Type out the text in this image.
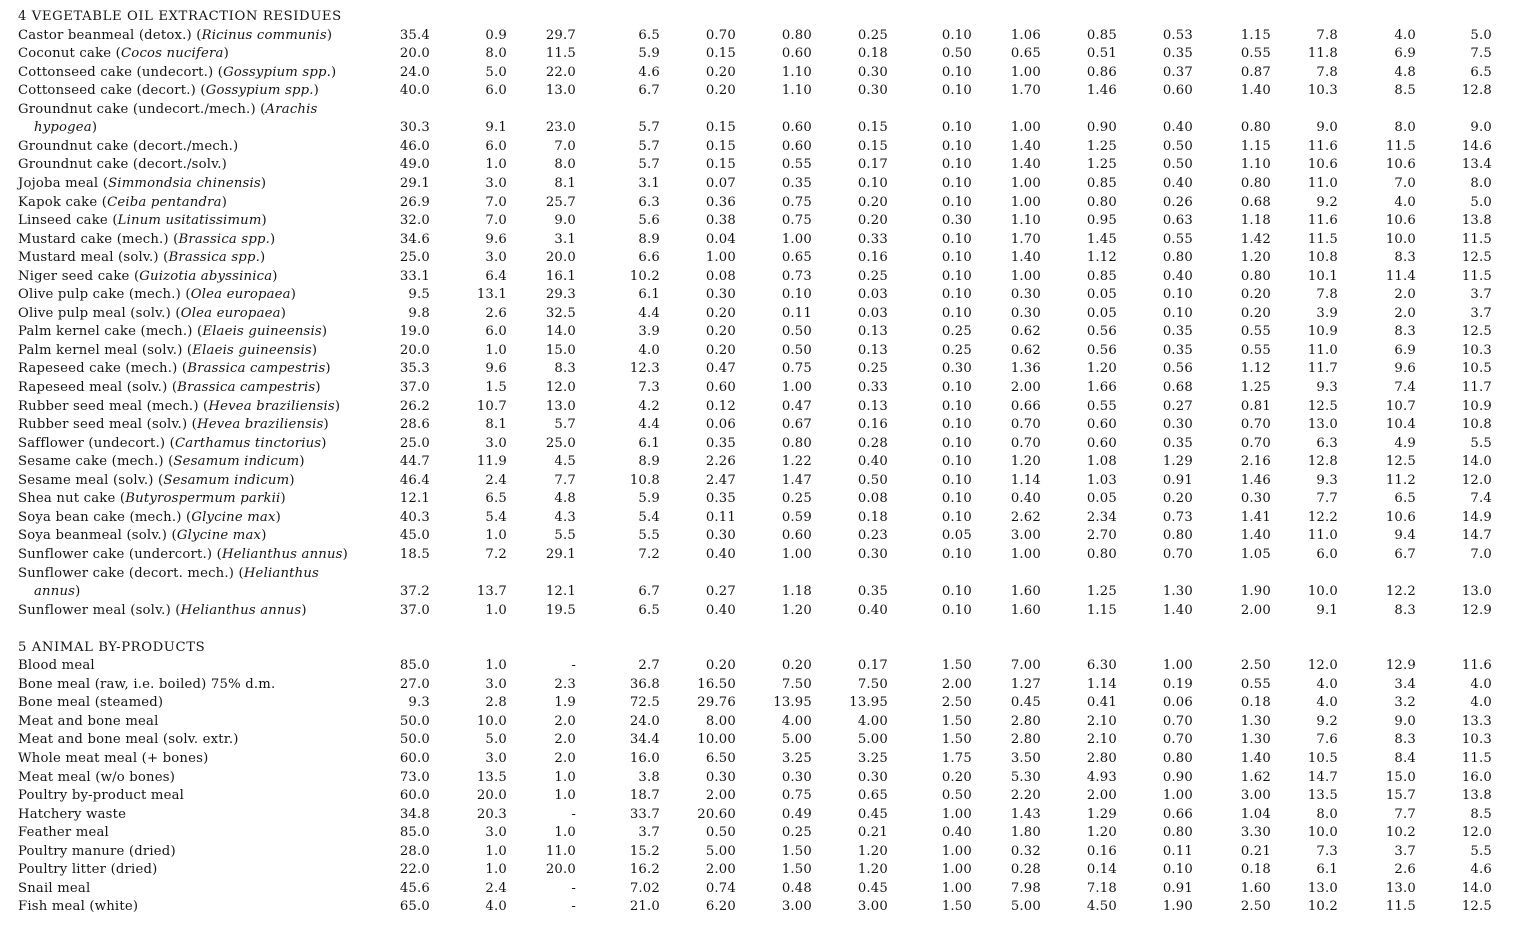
4 VEGETABLE OIL EXTRACTION RESIDUES
Castor beanmeal (detox.) (Ricinus communis)	35.4	0.9	29.7	6.5	0.70	0.80	0.25	0.10	1.06	0.85	0.53	1.15	7.8	4.0	5.0
Coconut cake (Cocos nucifera)	20.0	8.0	11.5	5.9	0.15	0.60	0.18	0.50	0.65	0.51	0.35	0.55	11.8	6.9	7.5
Cottonseed cake (undecort.) (Gossypium spp.)	24.0	5.0	22.0	4.6	0.20	1.10	0.30	0.10	1.00	0.86	0.37	0.87	7.8	4.8	6.5
Cottonseed cake (decort.) (Gossypium spp.)	40.0	6.0	13.0	6.7	0.20	1.10	0.30	0.10	1.70	1.46	0.60	1.40	10.3	8.5	12.8
Groundnut cake (undecort./mech.) (Arachis
hypogea)	30.3	9.1	23.0	5.7	0.15	0.60	0.15	0.10	1.00	0.90	0.40	0.80	9.0	8.0	9.0
Groundnut cake (decort./mech.)	46.0	6.0	7.0	5.7	0.15	0.60	0.15	0.10	1.40	1.25	0.50	1.15	11.6	11.5	14.6
Groundnut cake (decort./solv.)	49.0	1.0	8.0	5.7	0.15	0.55	0.17	0.10	1.40	1.25	0.50	1.10	10.6	10.6	13.4
Jojoba meal (Simmondsia chinensis)	29.1	3.0	8.1	3.1	0.07	0.35	0.10	0.10	1.00	0.85	0.40	0.80	11.0	7.0	8.0
Kapok cake (Ceiba pentandra)	26.9	7.0	25.7	6.3	0.36	0.75	0.20	0.10	1.00	0.80	0.26	0.68	9.2	4.0	5.0
Linseed cake (Linum usitatissimum)	32.0	7.0	9.0	5.6	0.38	0.75	0.20	0.30	1.10	0.95	0.63	1.18	11.6	10.6	13.8
Mustard cake (mech.) (Brassica spp.)	34.6	9.6	3.1	8.9	0.04	1.00	0.33	0.10	1.70	1.45	0.55	1.42	11.5	10.0	11.5
Mustard meal (solv.) (Brassica spp.)	25.0	3.0	20.0	6.6	1.00	0.65	0.16	0.10	1.40	1.12	0.80	1.20	10.8	8.3	12.5
Niger seed cake (Guizotia abyssinica)	33.1	6.4	16.1	10.2	0.08	0.73	0.25	0.10	1.00	0.85	0.40	0.80	10.1	11.4	11.5
Olive pulp cake (mech.) (Olea europaea)	9.5	13.1	29.3	6.1	0.30	0.10	0.03	0.10	0.30	0.05	0.10	0.20	7.8	2.0	3.7
Olive pulp meal (solv.) (Olea europaea)	9.8	2.6	32.5	4.4	0.20	0.11	0.03	0.10	0.30	0.05	0.10	0.20	3.9	2.0	3.7
Palm kernel cake (mech.) (Elaeis guineensis)	19.0	6.0	14.0	3.9	0.20	0.50	0.13	0.25	0.62	0.56	0.35	0.55	10.9	8.3	12.5
Palm kernel meal (solv.) (Elaeis guineensis)	20.0	1.0	15.0	4.0	0.20	0.50	0.13	0.25	0.62	0.56	0.35	0.55	11.0	6.9	10.3
Rapeseed cake (mech.) (Brassica campestris)	35.3	9.6	8.3	12.3	0.47	0.75	0.25	0.30	1.36	1.20	0.56	1.12	11.7	9.6	10.5
Rapeseed meal (solv.) (Brassica campestris)	37.0	1.5	12.0	7.3	0.60	1.00	0.33	0.10	2.00	1.66	0.68	1.25	9.3	7.4	11.7
Rubber seed meal (mech.) (Hevea braziliensis)	26.2	10.7	13.0	4.2	0.12	0.47	0.13	0.10	0.66	0.55	0.27	0.81	12.5	10.7	10.9
Rubber seed meal (solv.) (Hevea braziliensis)	28.6	8.1	5.7	4.4	0.06	0.67	0.16	0.10	0.70	0.60	0.30	0.70	13.0	10.4	10.8
Safflower (undecort.) (Carthamus tinctorius)	25.0	3.0	25.0	6.1	0.35	0.80	0.28	0.10	0.70	0.60	0.35	0.70	6.3	4.9	5.5
Sesame cake (mech.) (Sesamum indicum)	44.7	11.9	4.5	8.9	2.26	1.22	0.40	0.10	1.20	1.08	1.29	2.16	12.8	12.5	14.0
Sesame meal (solv.) (Sesamum indicum)	46.4	2.4	7.7	10.8	2.47	1.47	0.50	0.10	1.14	1.03	0.91	1.46	9.3	11.2	12.0
Shea nut cake (Butyrospermum parkii)	12.1	6.5	4.8	5.9	0.35	0.25	0.08	0.10	0.40	0.05	0.20	0.30	7.7	6.5	7.4
Soya bean cake (mech.) (Glycine max)	40.3	5.4	4.3	5.4	0.11	0.59	0.18	0.10	2.62	2.34	0.73	1.41	12.2	10.6	14.9
Soya beanmeal (solv.) (Glycine max)	45.0	1.0	5.5	5.5	0.30	0.60	0.23	0.05	3.00	2.70	0.80	1.40	11.0	9.4	14.7
Sunflower cake (undercort.) (Helianthus annus)	18.5	7.2	29.1	7.2	0.40	1.00	0.30	0.10	1.00	0.80	0.70	1.05	6.0	6.7	7.0
Sunflower cake (decort. mech.) (Helianthus
annus)	37.2	13.7	12.1	6.7	0.27	1.18	0.35	0.10	1.60	1.25	1.30	1.90	10.0	12.2	13.0
Sunflower meal (solv.) (Helianthus annus)	37.0	1.0	19.5	6.5	0.40	1.20	0.40	0.10	1.60	1.15	1.40	2.00	9.1	8.3	12.9
5 ANIMAL BY-PRODUCTS
Blood meal	85.0	1.0	-	2.7	0.20	0.20	0.17	1.50	7.00	6.30	1.00	2.50	12.0	12.9	11.6
Bone meal (raw, i.e. boiled) 75% d.m.	27.0	3.0	2.3	36.8	16.50	7.50	7.50	2.00	1.27	1.14	0.19	0.55	4.0	3.4	4.0
Bone meal (steamed)	9.3	2.8	1.9	72.5	29.76	13.95	13.95	2.50	0.45	0.41	0.06	0.18	4.0	3.2	4.0
Meat and bone meal	50.0	10.0	2.0	24.0	8.00	4.00	4.00	1.50	2.80	2.10	0.70	1.30	9.2	9.0	13.3
Meat and bone meal (solv. extr.)	50.0	5.0	2.0	34.4	10.00	5.00	5.00	1.50	2.80	2.10	0.70	1.30	7.6	8.3	10.3
Whole meat meal (+ bones)	60.0	3.0	2.0	16.0	6.50	3.25	3.25	1.75	3.50	2.80	0.80	1.40	10.5	8.4	11.5
Meat meal (w/o bones)	73.0	13.5	1.0	3.8	0.30	0.30	0.30	0.20	5.30	4.93	0.90	1.62	14.7	15.0	16.0
Poultry by-product meal	60.0	20.0	1.0	18.7	2.00	0.75	0.65	0.50	2.20	2.00	1.00	3.00	13.5	15.7	13.8
Hatchery waste	34.8	20.3	-	33.7	20.60	0.49	0.45	1.00	1.43	1.29	0.66	1.04	8.0	7.7	8.5
Feather meal	85.0	3.0	1.0	3.7	0.50	0.25	0.21	0.40	1.80	1.20	0.80	3.30	10.0	10.2	12.0
Poultry manure (dried)	28.0	1.0	11.0	15.2	5.00	1.50	1.20	1.00	0.32	0.16	0.11	0.21	7.3	3.7	5.5
Poultry litter (dried)	22.0	1.0	20.0	16.2	2.00	1.50	1.20	1.00	0.28	0.14	0.10	0.18	6.1	2.6	4.6
Snail meal	45.6	2.4	-	7.02	0.74	0.48	0.45	1.00	7.98	7.18	0.91	1.60	13.0	13.0	14.0
Fish meal (white)	65.0	4.0	-	21.0	6.20	3.00	3.00	1.50	5.00	4.50	1.90	2.50	10.2	11.5	12.5
